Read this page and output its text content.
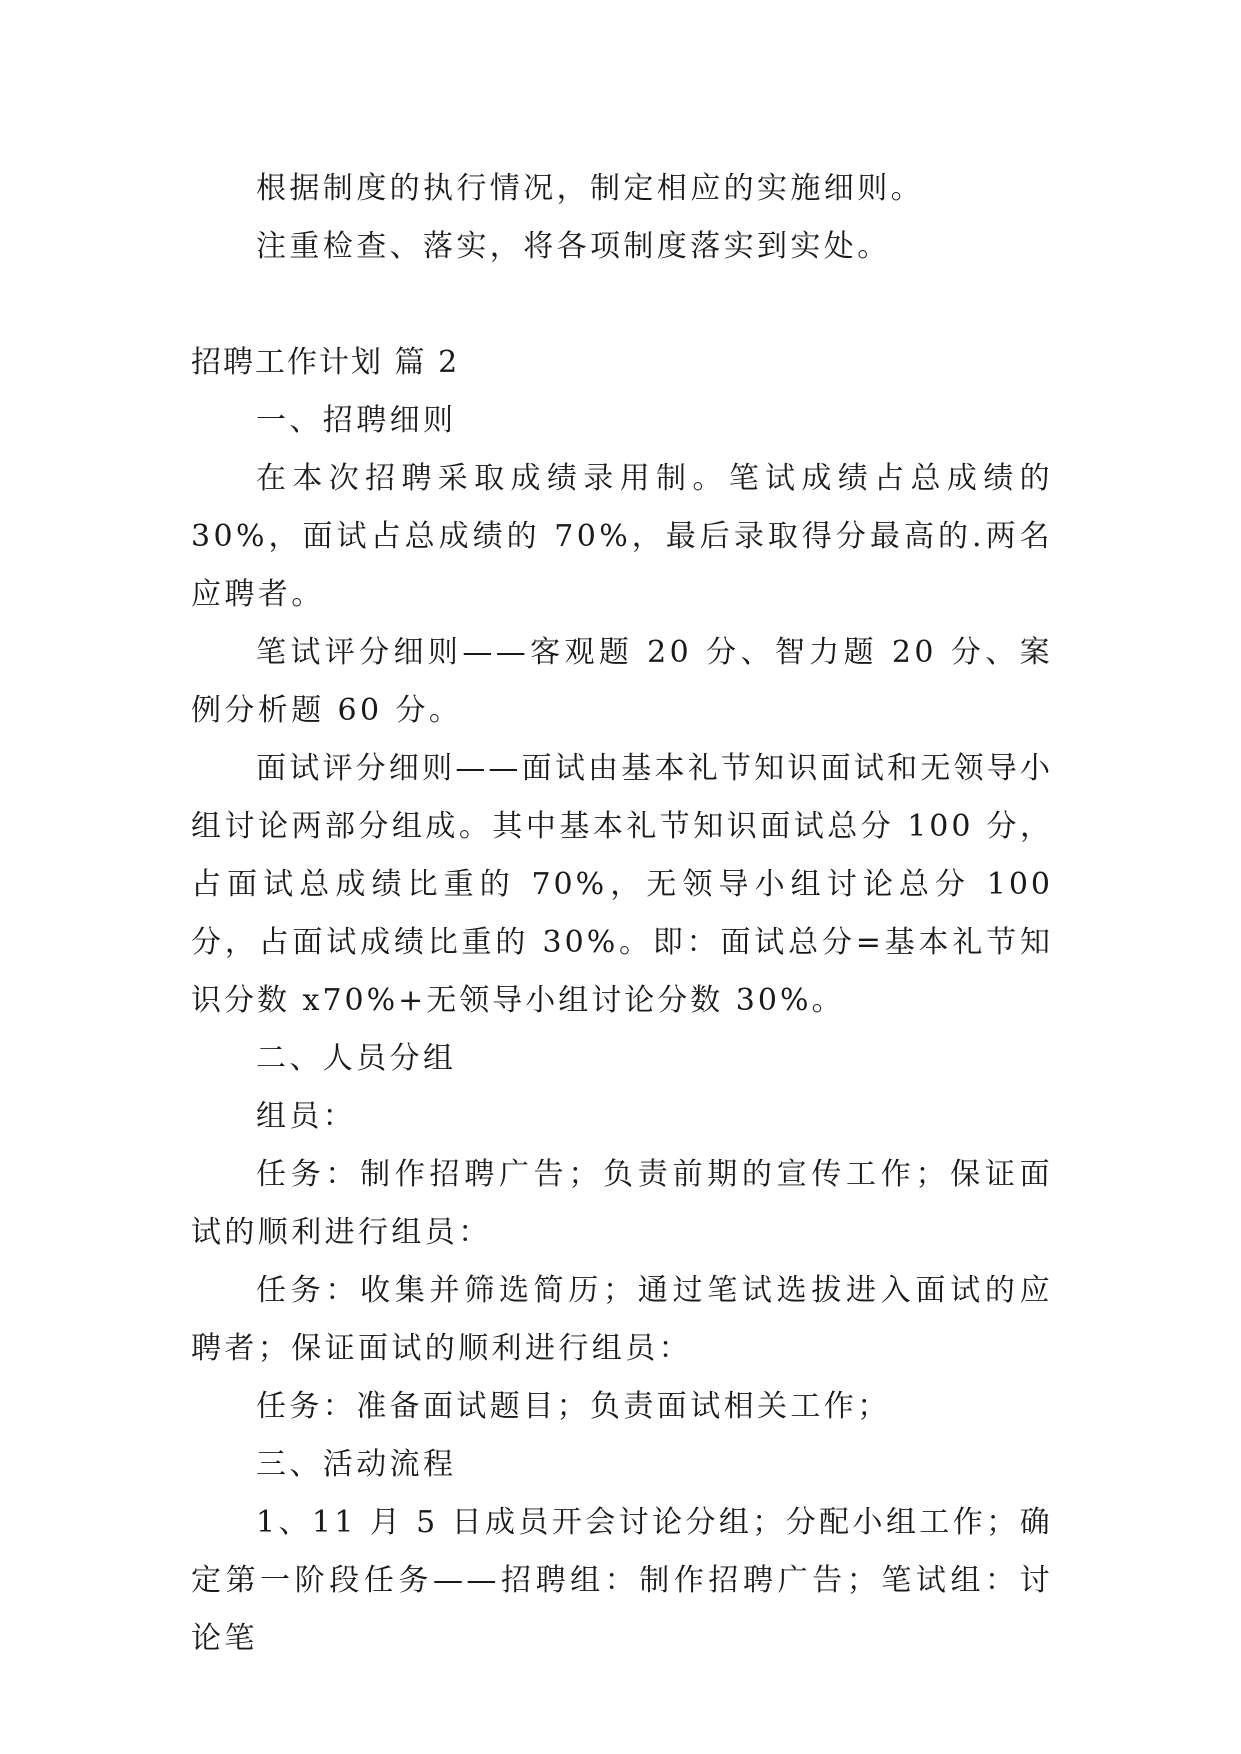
根据制度的执行情况，制定相应的实施细则。

注重检查、落实，将各项制度落实到实处。

招聘工作计划 篇 2

一、招聘细则

在本次招聘采取成绩录用制。笔试成绩占总成绩的 30%，面试占总成绩的 70%，最后录取得分最高的.两名应聘者。

笔试评分细则——客观题 20 分、智力题 20 分、案例分析题 60 分。

面试评分细则——面试由基本礼节知识面试和无领导小组讨论两部分组成。其中基本礼节知识面试总分 100 分，占面试总成绩比重的 70%，无领导小组讨论总分 100 分，占面试成绩比重的 30%。即：面试总分=基本礼节知识分数 x70%+无领导小组讨论分数 30%。

二、人员分组

组员：

任务：制作招聘广告；负责前期的宣传工作；保证面试的顺利进行组员：

任务：收集并筛选简历；通过笔试选拔进入面试的应聘者；保证面试的顺利进行组员：

任务：准备面试题目；负责面试相关工作；

三、活动流程

1、11 月 5 日成员开会讨论分组；分配小组工作；确定第一阶段任务——招聘组：制作招聘广告；笔试组：讨论笔
